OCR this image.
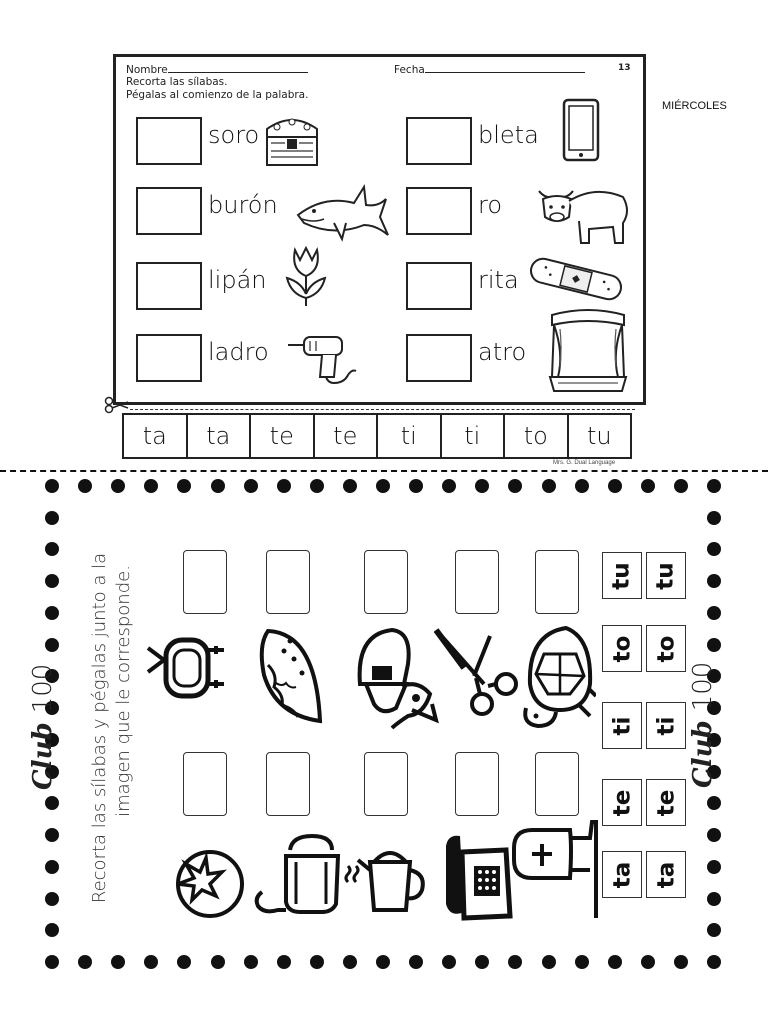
Nombre	Fecha	13
Recorta las sílabas.
Pégalas al comienzo de la palabra.
soro
burón
lipán
ladro
bleta
ro
rita
atro
MIÉRCOLES
ta	ta	te	te	ti	ti	to	tu
Mrs. G. Dual Language
Club 100
Club 100
Recorta las sílabas y pégalas junto a la imagen que le corresponde.	tu tu
to to
ti ti
te te
ta ta
